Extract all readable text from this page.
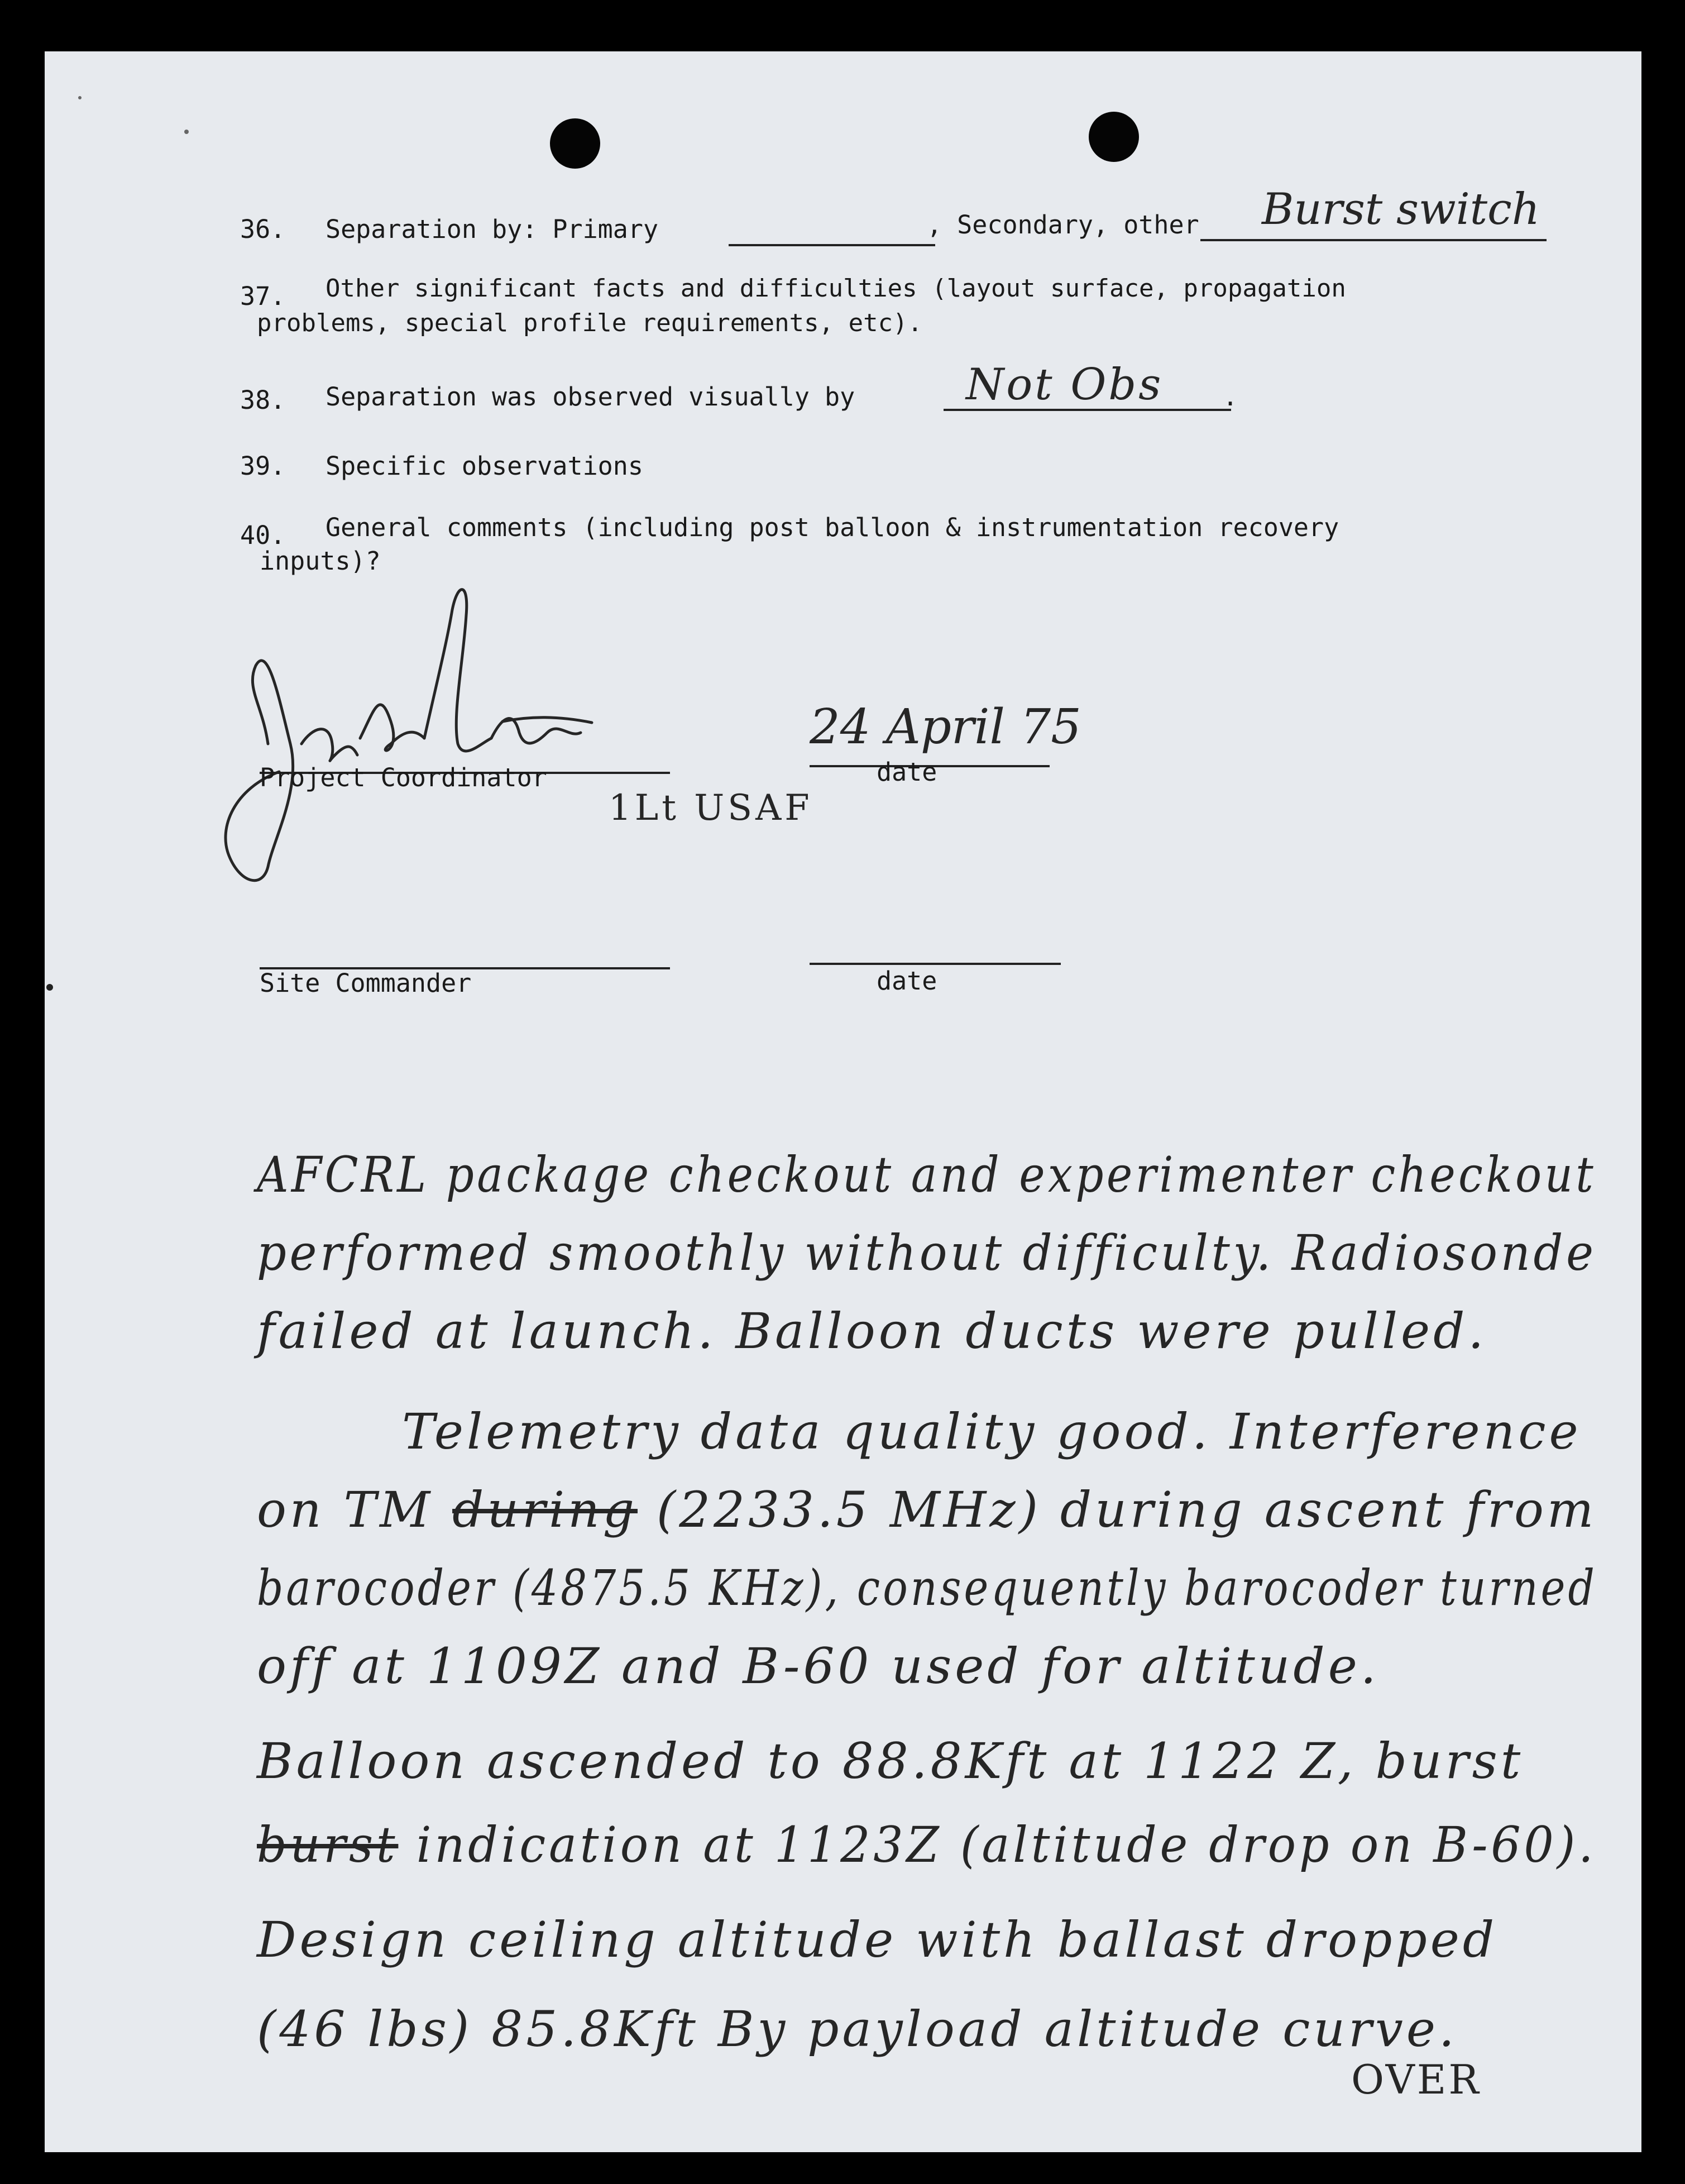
36. Separation by: Primary	, Secondary, other Burst switch
37. Other significant facts and difficulties (layout surface, propagation
problems, special profile requirements, etc).
38. Separation was observed visually by	Not Obs .
39. Specific observations
40. General comments (including post balloon & instrumentation recovery
inputs)?
Project Coordinator
1Lt USAF
24 April 75
date
Site Commander	date
AFCRL package checkout and experimenter checkout
performed smoothly without difficulty. Radiosonde
failed at launch. Balloon ducts were pulled.
Telemetry data quality good. Interference
on TM during (2233.5 MHz) during ascent from
barocoder (4875.5 KHz), consequently barocoder turned
off at 1109Z and B-60 used for altitude.
Balloon ascended to 88.8Kft at 1122 Z, burst
burst indication at 1123Z (altitude drop on B-60).
Design ceiling altitude with ballast dropped
(46 lbs) 85.8Kft By payload altitude curve.
OVER
